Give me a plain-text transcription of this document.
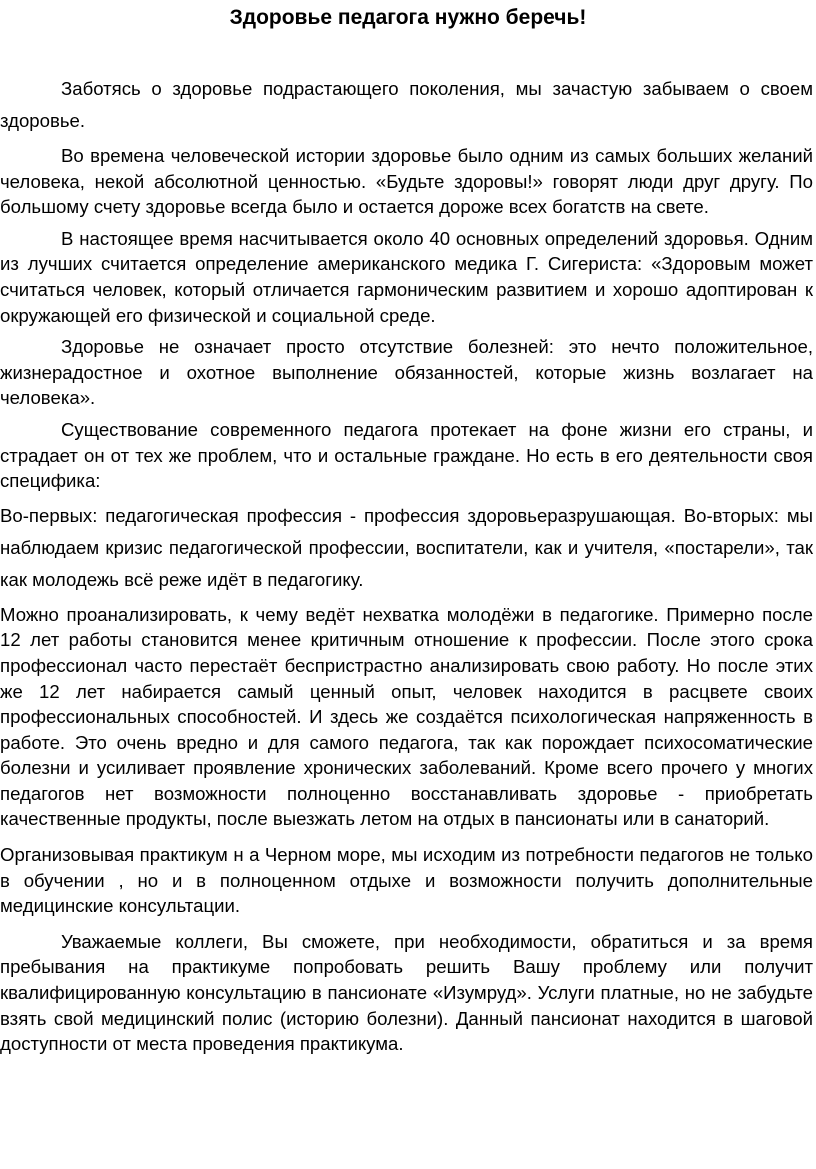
Здоровье педагога нужно беречь!

Заботясь о здоровье подрастающего поколения, мы зачастую забываем о своем здоровье.

Во времена человеческой истории здоровье было одним из самых больших желаний человека, некой абсолютной ценностью. «Будьте здоровы!» говорят люди друг другу. По большому счету здоровье всегда было и остается дороже всех богатств на свете.

В настоящее время насчитывается около 40 основных определений здоровья. Одним из лучших считается определение американского медика Г. Сигериста: «Здоровым может считаться человек, который отличается гармоническим развитием и хорошо адоптирован к окружающей его физической и социальной среде.

Здоровье не означает просто отсутствие болезней: это нечто положительное, жизнерадостное и охотное выполнение обязанностей, которые жизнь возлагает на человека».

Существование современного педагога протекает на фоне жизни его страны, и страдает он от тех же проблем, что и остальные граждане. Но есть в его деятельности своя специфика:

Во-первых: педагогическая профессия - профессия здоровьеразрушающая. Во-вторых: мы наблюдаем кризис педагогической профессии, воспитатели, как и учителя, «постарели», так как молодежь всё реже идёт в педагогику.

Можно проанализировать, к чему ведёт нехватка молодёжи в педагогике. Примерно после 12 лет работы становится менее критичным отношение к профессии. После этого срока профессионал часто перестаёт беспристрастно анализировать свою работу. Но после этих же 12 лет набирается самый ценный опыт, человек находится в расцвете своих профессиональных способностей. И здесь же создаётся психологическая напряженность в работе. Это очень вредно и для самого педагога, так как порождает психосоматические болезни и усиливает проявление хронических заболеваний. Кроме всего прочего у многих педагогов нет возможности полноценно восстанавливать здоровье - приобретать качественные продукты, после выезжать летом на отдых в пансионаты или в санаторий.

Организовывая практикум н а Черном море, мы исходим из потребности педагогов не только в обучении , но и в полноценном отдыхе и возможности получить дополнительные медицинские консультации.

Уважаемые коллеги, Вы сможете, при необходимости, обратиться и за время пребывания на практикуме попробовать решить Вашу проблему или получит квалифицированную консультацию в пансионате «Изумруд». Услуги платные, но не забудьте взять свой медицинский полис (историю болезни). Данный пансионат находится в шаговой доступности от места проведения практикума.
